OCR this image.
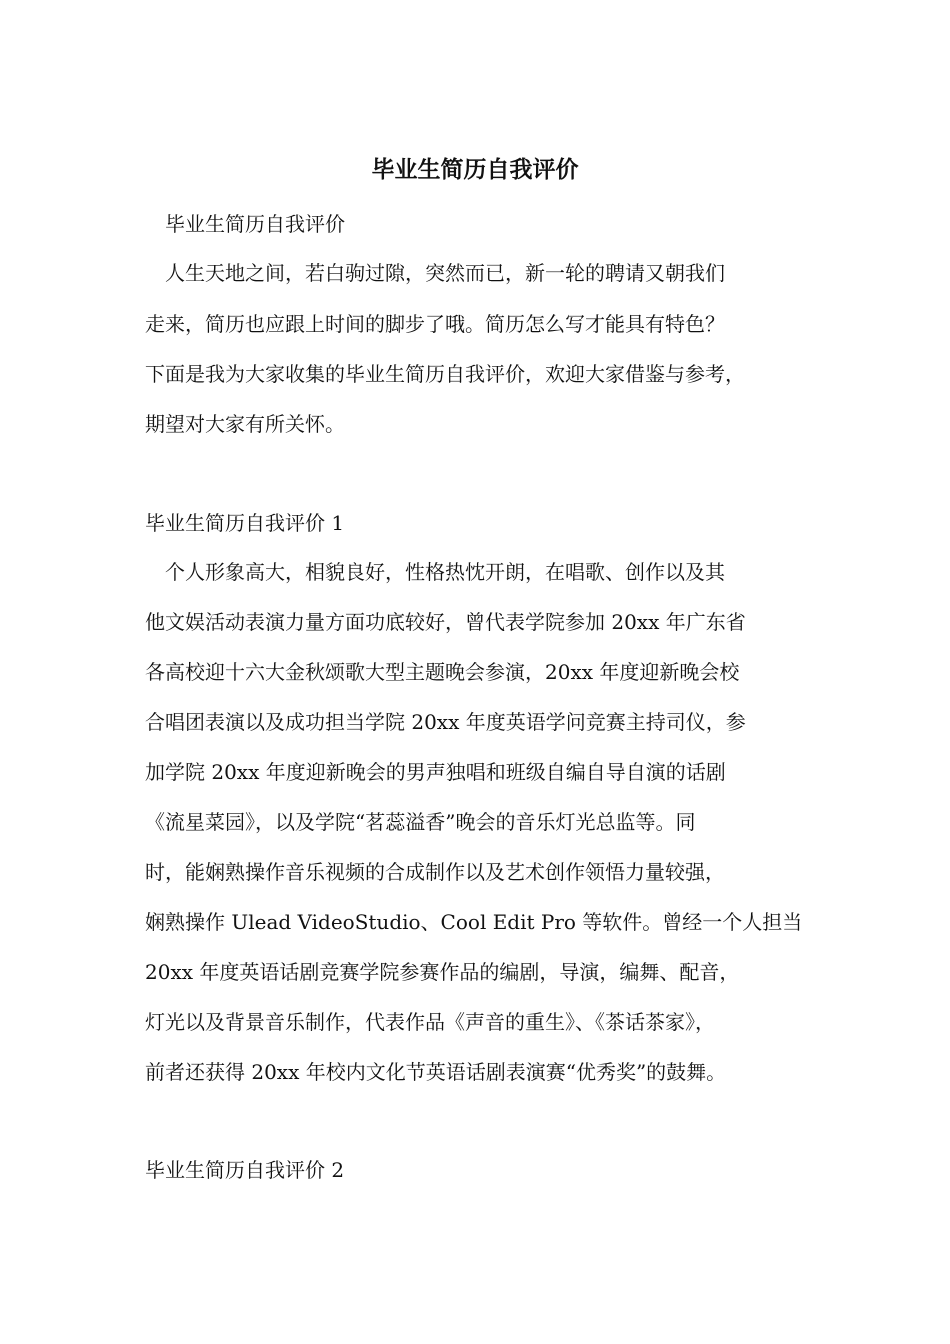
毕业生简历自我评价
毕业生简历自我评价
人生天地之间，若白驹过隙，突然而已，新一轮的聘请又朝我们
走来，简历也应跟上时间的脚步了哦。简历怎么写才能具有特色？
下面是我为大家收集的毕业生简历自我评价，欢迎大家借鉴与参考，
期望对大家有所关怀。
毕业生简历自我评价 1
个人形象高大，相貌良好，性格热忱开朗，在唱歌、创作以及其
他文娱活动表演力量方面功底较好，曾代表学院参加 20xx 年广东省
各高校迎十六大金秋颂歌大型主题晚会参演，20xx 年度迎新晚会校
合唱团表演以及成功担当学院 20xx 年度英语学问竞赛主持司仪，参
加学院 20xx 年度迎新晚会的男声独唱和班级自编自导自演的话剧
《流星菜园》，以及学院“茗蕊溢香”晚会的音乐灯光总监等。同
时，能娴熟操作音乐视频的合成制作以及艺术创作领悟力量较强，
娴熟操作 Ulead VideoStudio、Cool Edit Pro 等软件。曾经一个人担当
20xx 年度英语话剧竞赛学院参赛作品的编剧，导演，编舞、配音，
灯光以及背景音乐制作，代表作品《声音的重生》、《茶话茶家》，
前者还获得 20xx 年校内文化节英语话剧表演赛“优秀奖”的鼓舞。
毕业生简历自我评价 2
